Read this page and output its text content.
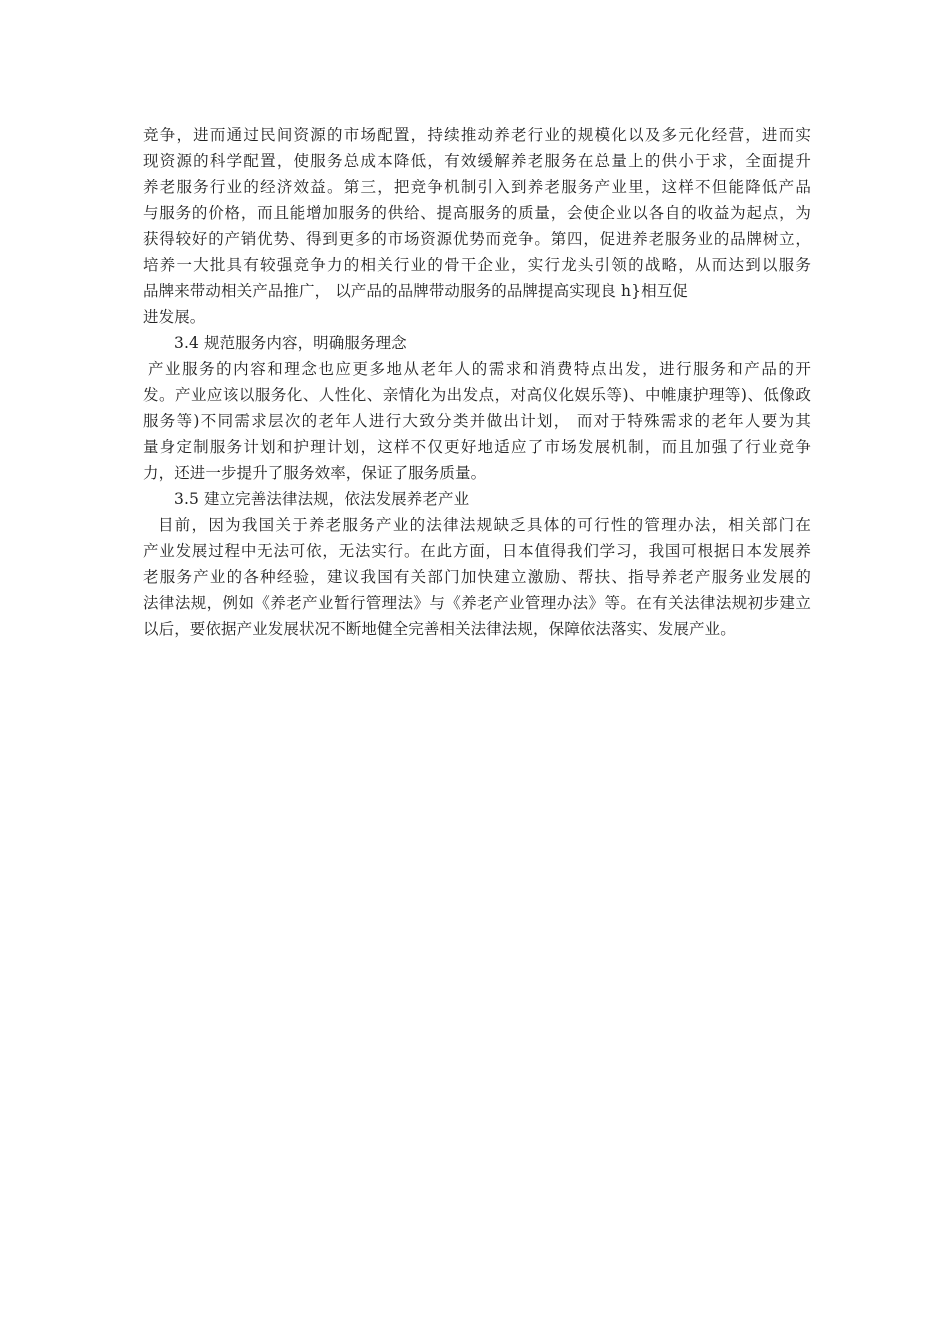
竞争，进而通过民间资源的市场配置，持续推动养老行业的规模化以及多元化经营，进而实
现资源的科学配置，使服务总成本降低，有效缓解养老服务在总量上的供小于求，全面提升
养老服务行业的经济效益。第三，把竞争机制引入到养老服务产业里，这样不但能降低产品
与服务的价格，而且能增加服务的供给、提高服务的质量，会使企业以各自的收益为起点，为
获得较好的产销优势、得到更多的市场资源优势而竞争。第四，促进养老服务业的品牌树立，
培养一大批具有较强竞争力的相关行业的骨干企业，实行龙头引领的战略，从而达到以服务
品牌来带动相关产品推广， 以产品的品牌带动服务的品牌提高实现良 h}相互促
进发展。
3.4 规范服务内容，明确服务理念
产业服务的内容和理念也应更多地从老年人的需求和消费特点出发，进行服务和产品的开
发。产业应该以服务化、人性化、亲情化为出发点，对高仪化娱乐等)、中帷康护理等)、低像政
服务等)不同需求层次的老年人进行大致分类并做出计划， 而对于特殊需求的老年人要为其
量身定制服务计划和护理计划，这样不仅更好地适应了市场发展机制，而且加强了行业竞争
力，还进一步提升了服务效率，保证了服务质量。
3.5 建立完善法律法规，依法发展养老产业
目前，因为我国关于养老服务产业的法律法规缺乏具体的可行性的管理办法，相关部门在
产业发展过程中无法可依，无法实行。在此方面，日本值得我们学习，我国可根据日本发展养
老服务产业的各种经验，建议我国有关部门加快建立激励、帮扶、指导养老产服务业发展的
法律法规，例如《养老产业暂行管理法》与《养老产业管理办法》等。在有关法律法规初步建立
以后，要依据产业发展状况不断地健全完善相关法律法规，保障依法落实、发展产业。
